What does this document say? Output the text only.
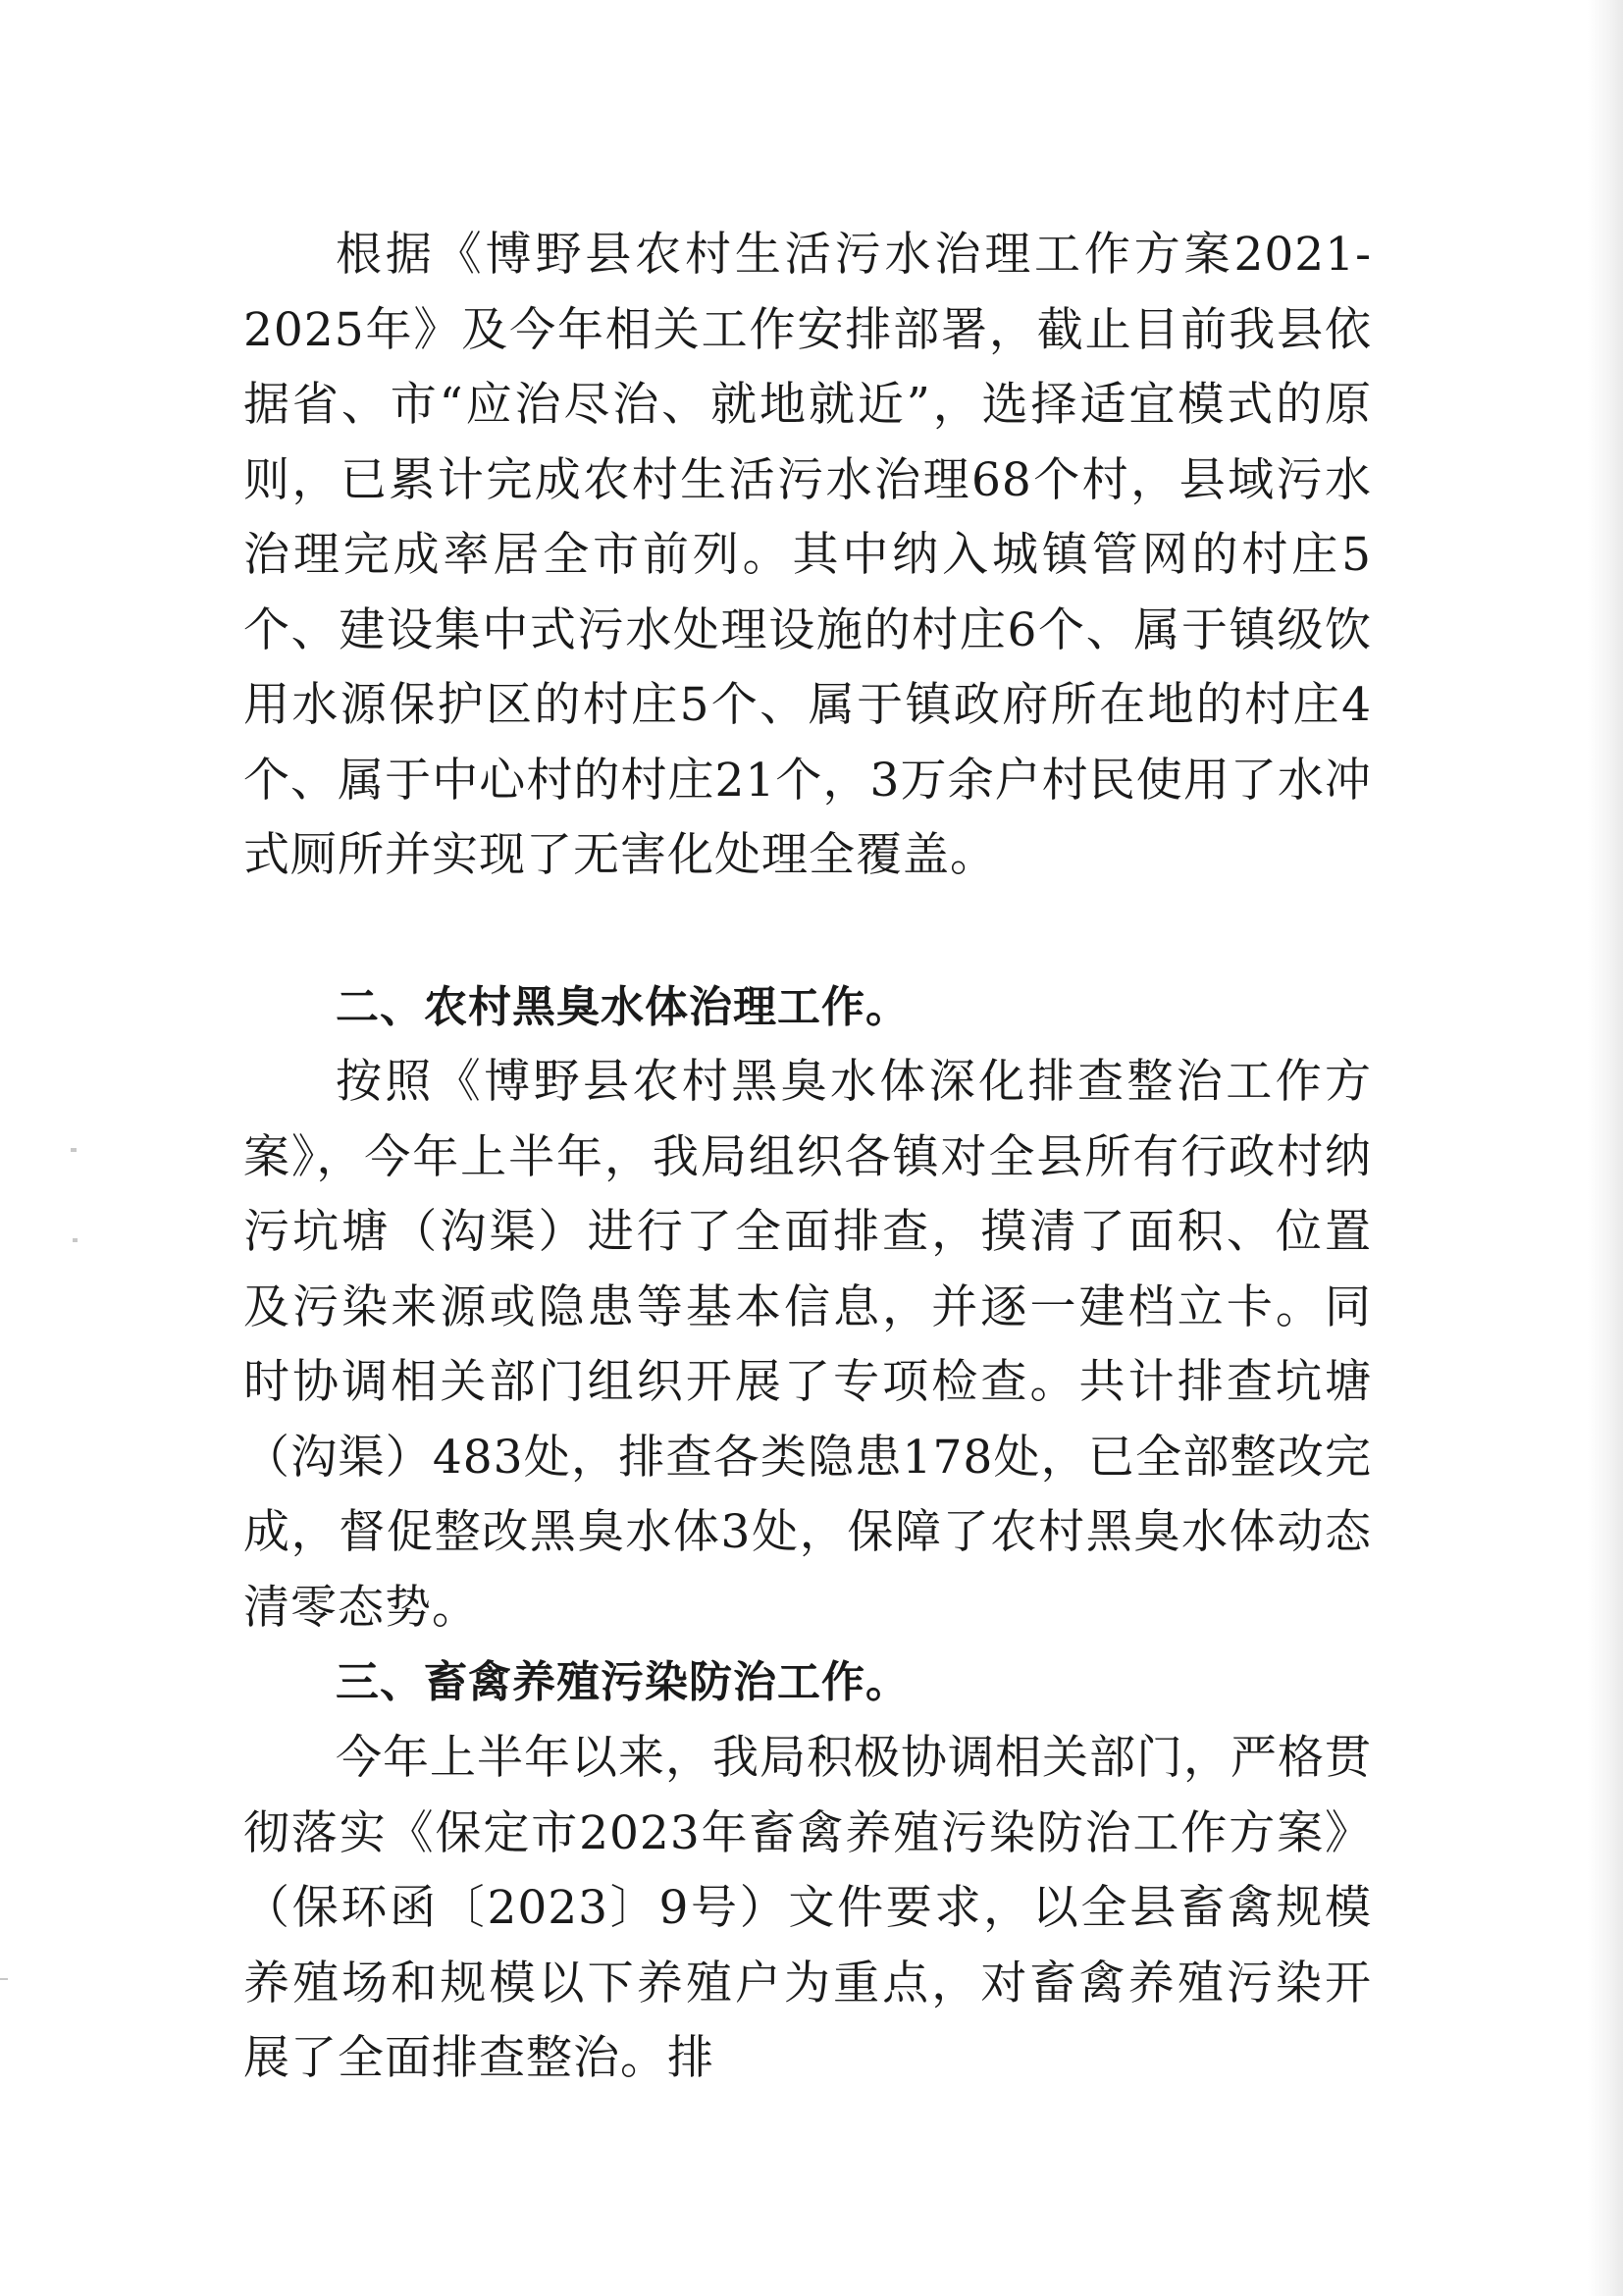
根据《博野县农村生活污水治理工作方案2021-2025年》及今年相关工作安排部署，截止目前我县依据省、市“应治尽治、就地就近”，选择适宜模式的原则，已累计完成农村生活污水治理68个村，县域污水治理完成率居全市前列。其中纳入城镇管网的村庄5个、建设集中式污水处理设施的村庄6个、属于镇级饮用水源保护区的村庄5个、属于镇政府所在地的村庄4个、属于中心村的村庄21个，3万余户村民使用了水冲式厕所并实现了无害化处理全覆盖。

二、农村黑臭水体治理工作。

按照《博野县农村黑臭水体深化排查整治工作方案》，今年上半年，我局组织各镇对全县所有行政村纳污坑塘（沟渠）进行了全面排查，摸清了面积、位置及污染来源或隐患等基本信息，并逐一建档立卡。同时协调相关部门组织开展了专项检查。共计排查坑塘（沟渠）483处，排查各类隐患178处，已全部整改完成，督促整改黑臭水体3处，保障了农村黑臭水体动态清零态势。

三、畜禽养殖污染防治工作。

今年上半年以来，我局积极协调相关部门，严格贯彻落实《保定市2023年畜禽养殖污染防治工作方案》（保环函〔2023〕9号）文件要求，以全县畜禽规模养殖场和规模以下养殖户为重点，对畜禽养殖污染开展了全面排查整治。排
